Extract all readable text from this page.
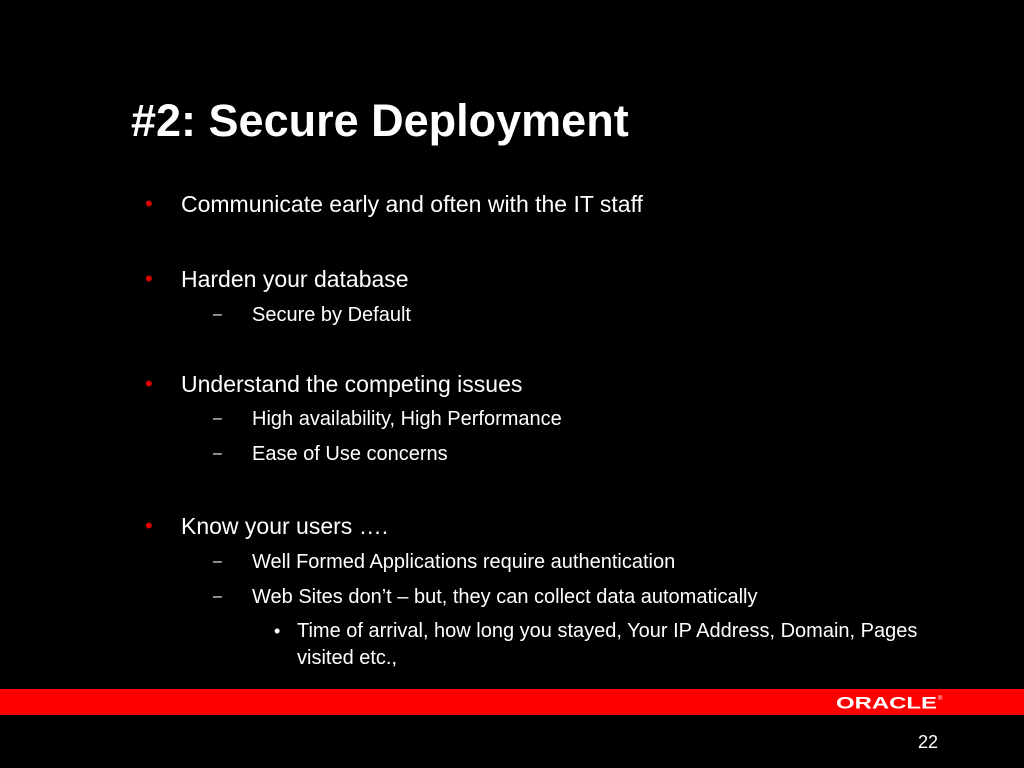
#2: Secure Deployment
• Communicate early and often with the IT staff
• Harden your database
– Secure by Default
• Understand the competing issues
– High availability, High Performance
– Ease of Use concerns
• Know your users ….
– Well Formed Applications require authentication
– Web Sites don’t – but, they can collect data automatically
• Time of arrival, how long you stayed, Your IP Address, Domain, Pages visited etc.,
ORACLE ®
22
